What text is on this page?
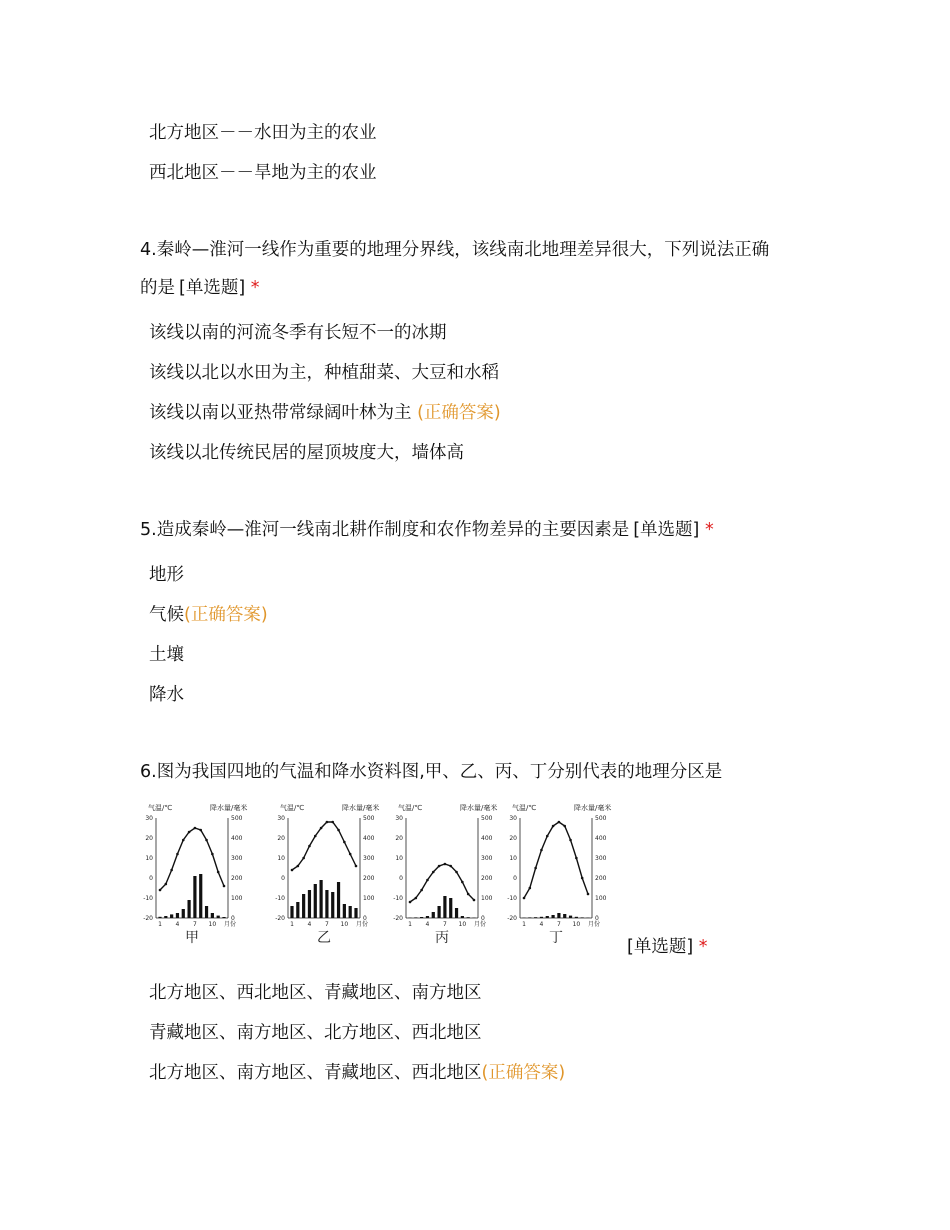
北方地区－－水田为主的农业
西北地区－－旱地为主的农业
4.秦岭—淮河一线作为重要的地理分界线，该线南北地理差异很大，下列说法正确
的是 [单选题] *
该线以南的河流冬季有长短不一的冰期
该线以北以水田为主，种植甜菜、大豆和水稻
该线以南以亚热带常绿阔叶林为主 (正确答案)
该线以北传统民居的屋顶坡度大，墙体高
5.造成秦岭—淮河一线南北耕作制度和农作物差异的主要因素是 [单选题] *
地形
气候(正确答案)
土壤
降水
6.图为我国四地的气温和降水资料图,甲、乙、丙、丁分别代表的地理分区是
气温/℃	降水量/毫米
30
20
10
0
-10
-20
500
400
300
200
100
0
1 4 7 10 月份
甲
气温/℃	降水量/毫米
30
20
10
0
-10
-20
500
400
300
200
100
0
1 4 7 10 月份
乙
气温/℃	降水量/毫米
30
20
10
0
-10
-20
500
400
300
200
100
0
1 4 7 10 月份
丙
气温/℃	降水量/毫米
30
20
10
0
-10
-20
500
400
300
200
100
0
1 4 7 10 月份
丁	[单选题] *
北方地区、西北地区、青藏地区、南方地区
青藏地区、南方地区、北方地区、西北地区
北方地区、南方地区、青藏地区、西北地区(正确答案)
